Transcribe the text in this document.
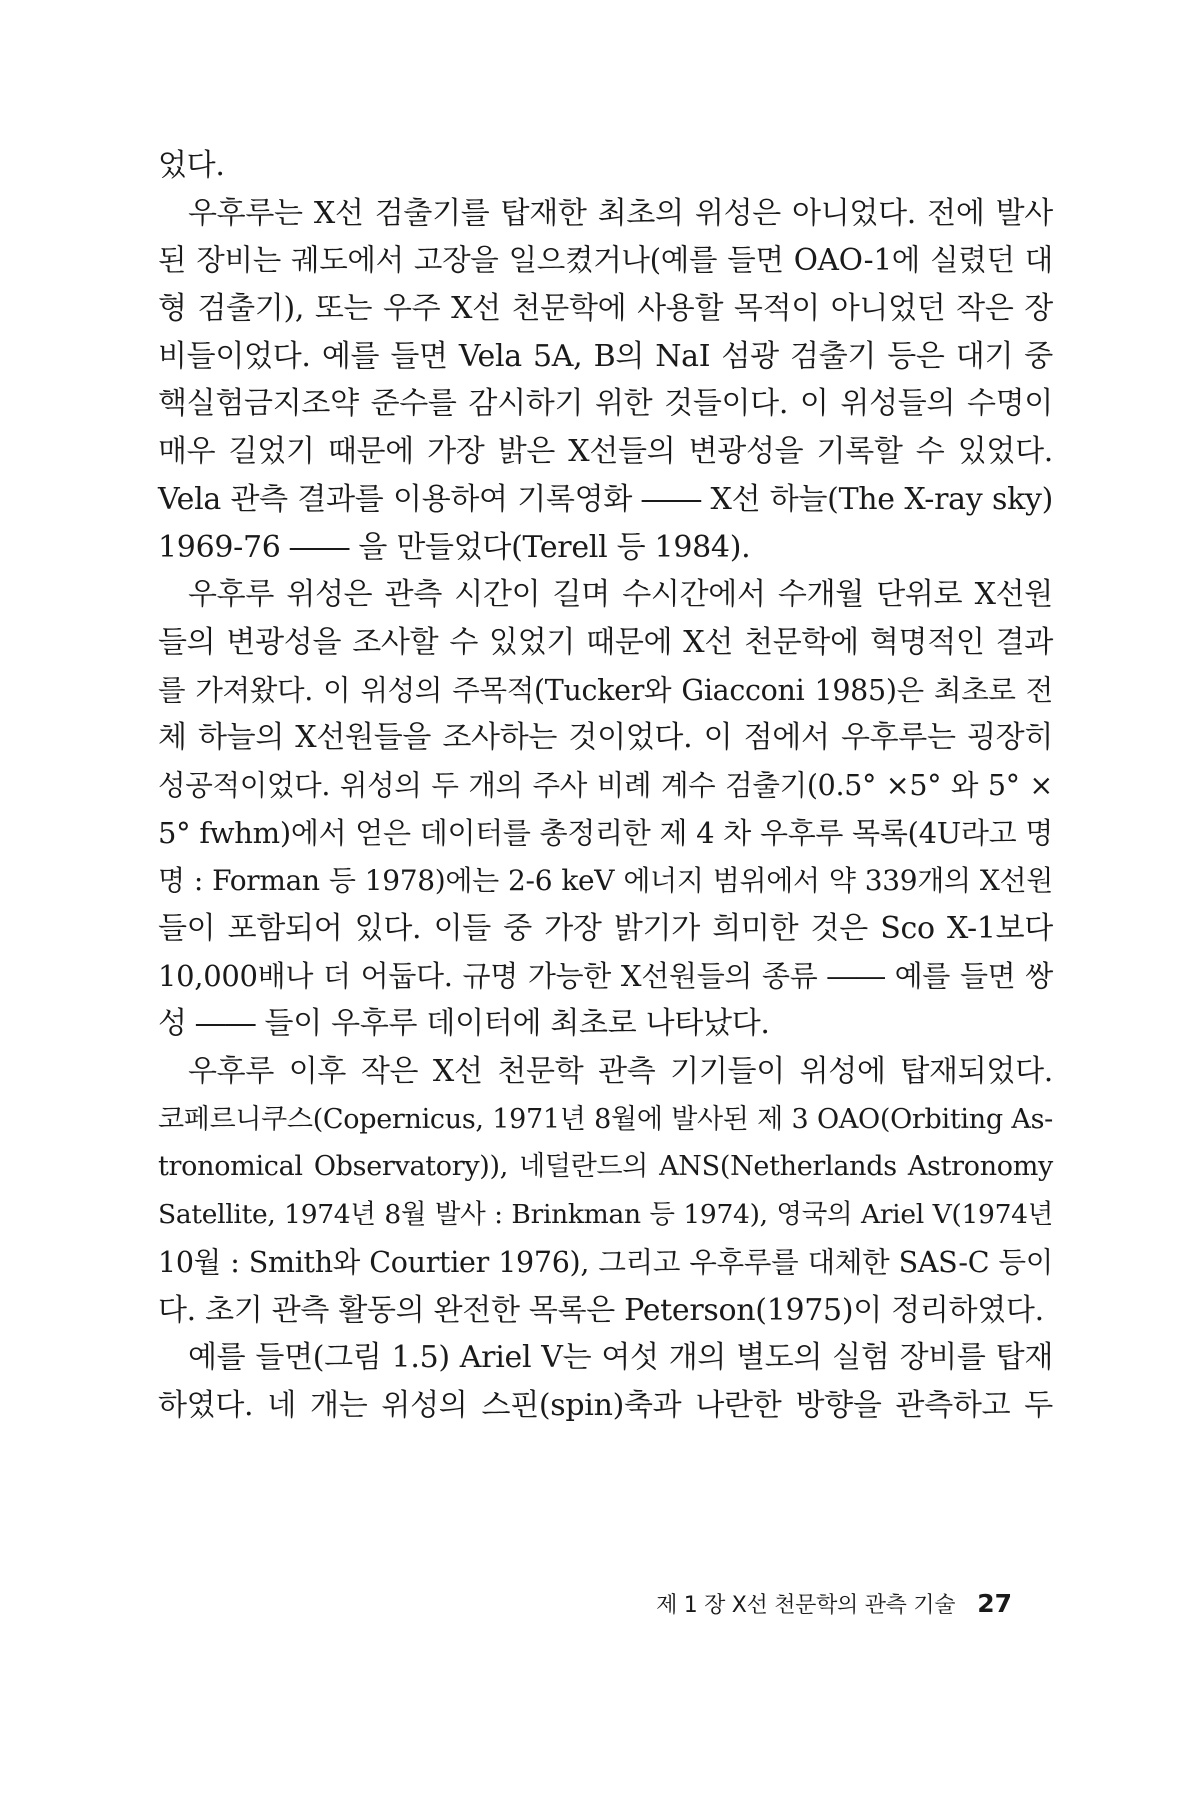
었다.
우후루는 X선 검출기를 탑재한 최초의 위성은 아니었다. 전에 발사
된 장비는 궤도에서 고장을 일으켰거나(예를 들면 OAO-1에 실렸던 대
형 검출기), 또는 우주 X선 천문학에 사용할 목적이 아니었던 작은 장
비들이었다. 예를 들면 Vela 5A, B의 NaI 섬광 검출기 등은 대기 중
핵실험금지조약 준수를 감시하기 위한 것들이다. 이 위성들의 수명이
매우 길었기 때문에 가장 밝은 X선들의 변광성을 기록할 수 있었다.
Vela 관측 결과를 이용하여 기록영화 ―― X선 하늘(The X-ray sky)
1969-76 ―― 을 만들었다(Terell 등 1984).
우후루 위성은 관측 시간이 길며 수시간에서 수개월 단위로 X선원
들의 변광성을 조사할 수 있었기 때문에 X선 천문학에 혁명적인 결과
를 가져왔다. 이 위성의 주목적(Tucker와 Giacconi 1985)은 최초로 전
체 하늘의 X선원들을 조사하는 것이었다. 이 점에서 우후루는 굉장히
성공적이었다. 위성의 두 개의 주사 비례 계수 검출기(0.5° ×5° 와 5° ×
5° fwhm)에서 얻은 데이터를 총정리한 제 4 차 우후루 목록(4U라고 명
명 : Forman 등 1978)에는 2-6 keV 에너지 범위에서 약 339개의 X선원
들이 포함되어 있다. 이들 중 가장 밝기가 희미한 것은 Sco X-1보다
10,000배나 더 어둡다. 규명 가능한 X선원들의 종류 ―― 예를 들면 쌍
성 ―― 들이 우후루 데이터에 최초로 나타났다.
우후루 이후 작은 X선 천문학 관측 기기들이 위성에 탑재되었다.
코페르니쿠스(Copernicus, 1971년 8월에 발사된 제 3 OAO(Orbiting As-
tronomical Observatory)), 네덜란드의 ANS(Netherlands Astronomy
Satellite, 1974년 8월 발사 : Brinkman 등 1974), 영국의 Ariel V(1974년
10월 : Smith와 Courtier 1976), 그리고 우후루를 대체한 SAS-C 등이
다. 초기 관측 활동의 완전한 목록은 Peterson(1975)이 정리하였다.
예를 들면(그림 1.5) Ariel V는 여섯 개의 별도의 실험 장비를 탑재
하였다. 네 개는 위성의 스핀(spin)축과 나란한 방향을 관측하고 두
제 1 장 X선 천문학의 관측 기술 27
